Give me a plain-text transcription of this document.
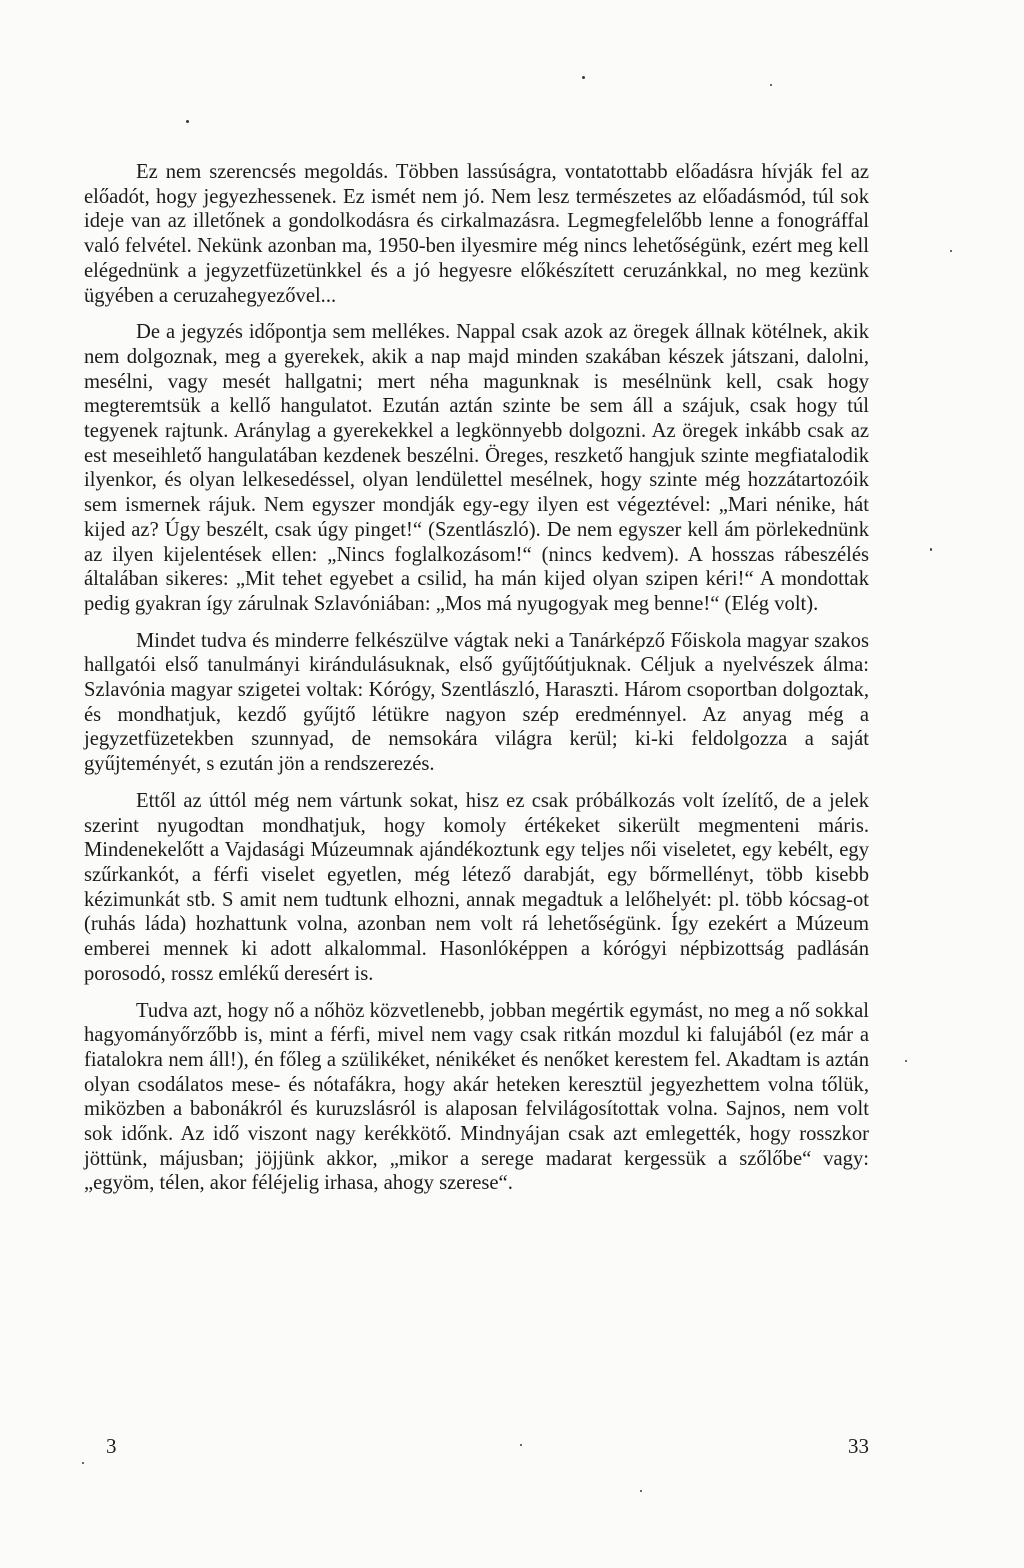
Ez nem szerencsés megoldás. Többen lassúságra, vontatottabb előadásra hívják fel az előadót, hogy jegyezhessenek. Ez ismét nem jó. Nem lesz természetes az előadásmód, túl sok ideje van az illetőnek a gondolkodásra és cirkalmazásra. Legmegfelelőbb lenne a fonográffal való felvétel. Nekünk azonban ma, 1950-ben ilyesmire még nincs lehetőségünk, ezért meg kell elégednünk a jegyzetfüzetünkkel és a jó hegyesre előkészített ceruzánkkal, no meg kezünk ügyében a ceruzahegyezővel...

De a jegyzés időpontja sem mellékes. Nappal csak azok az öregek állnak kötélnek, akik nem dolgoznak, meg a gyerekek, akik a nap majd minden szakában készek játszani, dalolni, mesélni, vagy mesét hallgatni; mert néha magunknak is mesélnünk kell, csak hogy megteremtsük a kellő hangulatot. Ezután aztán szinte be sem áll a szájuk, csak hogy túl tegyenek rajtunk. Aránylag a gyerekekkel a legkönnyebb dolgozni. Az öregek inkább csak az est meseihlető hangulatában kezdenek beszélni. Öreges, reszkető hangjuk szinte megfiatalodik ilyenkor, és olyan lelkesedéssel, olyan lendülettel mesélnek, hogy szinte még hozzátartozóik sem ismernek rájuk. Nem egyszer mondják egy-egy ilyen est végeztével: „Mari nénike, hát kijed az? Úgy beszélt, csak úgy pinget!“ (Szentlászló). De nem egyszer kell ám pörlekednünk az ilyen kijelentések ellen: „Nincs foglalkozásom!“ (nincs kedvem). A hosszas rábeszélés általában sikeres: „Mit tehet egyebet a csilid, ha mán kijed olyan szipen kéri!“ A mondottak pedig gyakran így zárulnak Szlavóniában: „Mos má nyugogyak meg benne!“ (Elég volt).

Mindet tudva és minderre felkészülve vágtak neki a Tanárképző Főiskola magyar szakos hallgatói első tanulmányi kirándulásuknak, első gyűjtőútjuknak. Céljuk a nyelvészek álma: Szlavónia magyar szigetei voltak: Kórógy, Szentlászló, Haraszti. Három csoportban dolgoztak, és mondhatjuk, kezdő gyűjtő létükre nagyon szép eredménnyel. Az anyag még a jegyzetfüzetekben szunnyad, de nemsokára világra kerül; ki-ki feldolgozza a saját gyűjteményét, s ezután jön a rendszerezés.

Ettől az úttól még nem vártunk sokat, hisz ez csak próbálkozás volt ízelítő, de a jelek szerint nyugodtan mondhatjuk, hogy komoly értékeket sikerült megmenteni máris. Mindenekelőtt a Vajdasági Múzeumnak ajándékoztunk egy teljes női viseletet, egy kebélt, egy szűrkankót, a férfi viselet egyetlen, még létező darabját, egy bőrmellényt, több kisebb kézimunkát stb. S amit nem tudtunk elhozni, annak megadtuk a lelőhelyét: pl. több kócsag-ot (ruhás láda) hozhattunk volna, azonban nem volt rá lehetőségünk. Így ezekért a Múzeum emberei mennek ki adott alkalommal. Hasonlóképpen a kórógyi népbizottság padlásán porosodó, rossz emlékű deresért is.

Tudva azt, hogy nő a nőhöz közvetlenebb, jobban megértik egymást, no meg a nő sokkal hagyományőrzőbb is, mint a férfi, mivel nem vagy csak ritkán mozdul ki falujából (ez már a fiatalokra nem áll!), én főleg a szülikéket, nénikéket és nenőket kerestem fel. Akadtam is aztán olyan csodálatos mese- és nótafákra, hogy akár heteken keresztül jegyezhettem volna tőlük, miközben a babonákról és kuruzslásról is alaposan felvilágosítottak volna. Sajnos, nem volt sok időnk. Az idő viszont nagy kerékkötő. Mindnyájan csak azt emlegették, hogy rosszkor jöttünk, májusban; jöjjünk akkor, „mikor a serege madarat kergessük a szőlőbe“ vagy: „egyöm, télen, akor féléjelig irhasa, ahogy szerese“.

3	33
